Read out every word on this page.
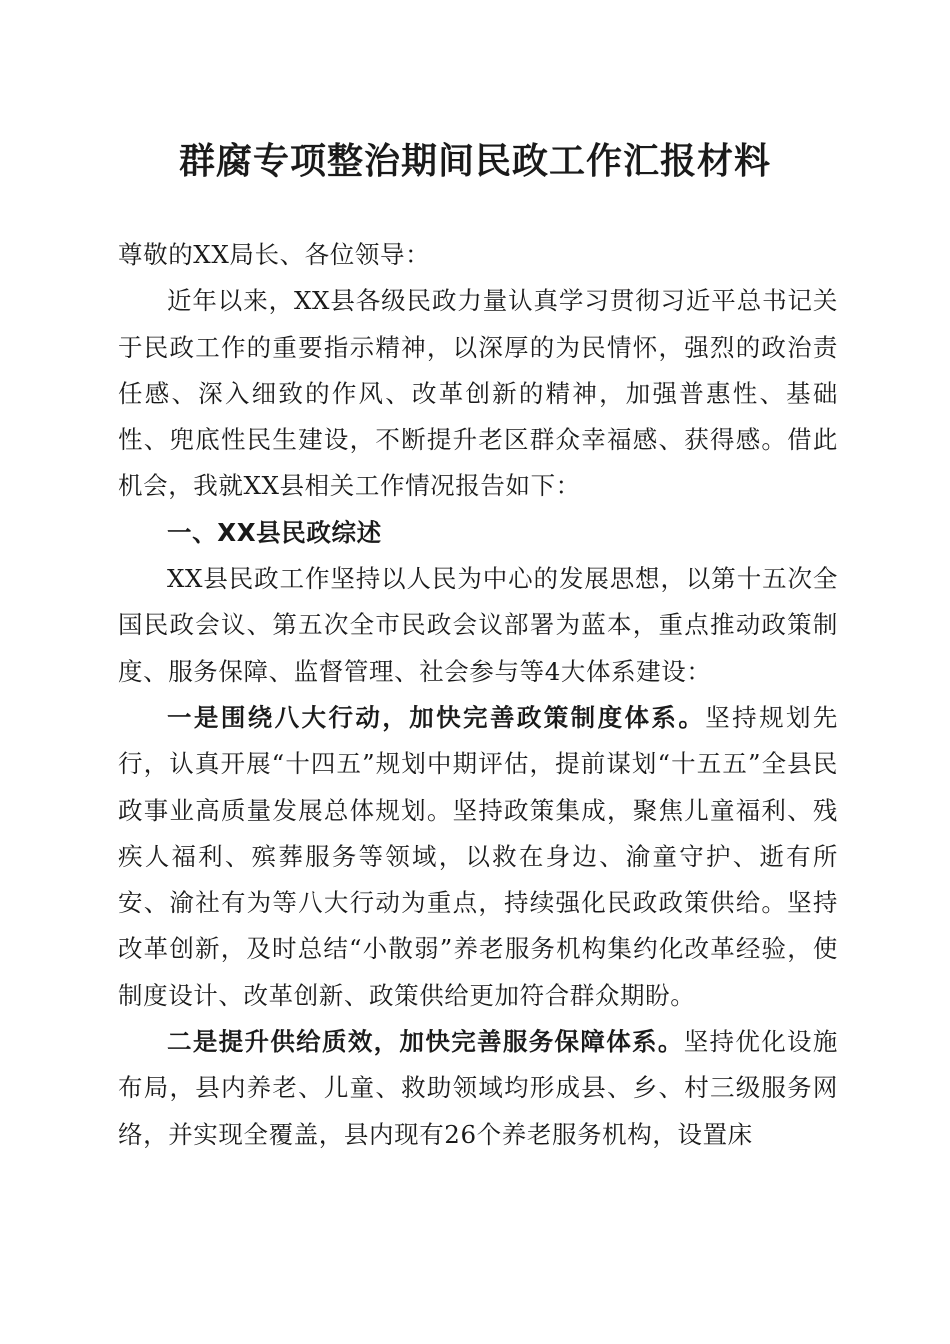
群腐专项整治期间民政工作汇报材料

尊敬的XX局长、各位领导：

近年以来，XX县各级民政力量认真学习贯彻习近平总书记关于民政工作的重要指示精神，以深厚的为民情怀，强烈的政治责任感、深入细致的作风、改革创新的精神，加强普惠性、基础性、兜底性民生建设，不断提升老区群众幸福感、获得感。借此机会，我就XX县相关工作情况报告如下：

一、XX县民政综述

XX县民政工作坚持以人民为中心的发展思想，以第十五次全国民政会议、第五次全市民政会议部署为蓝本，重点推动政策制度、服务保障、监督管理、社会参与等4大体系建设：

一是围绕八大行动，加快完善政策制度体系。坚持规划先行，认真开展“十四五”规划中期评估，提前谋划“十五五”全县民政事业高质量发展总体规划。坚持政策集成，聚焦儿童福利、残疾人福利、殡葬服务等领域，以救在身边、渝童守护、逝有所安、渝社有为等八大行动为重点，持续强化民政政策供给。坚持改革创新，及时总结“小散弱”养老服务机构集约化改革经验，使制度设计、改革创新、政策供给更加符合群众期盼。

二是提升供给质效，加快完善服务保障体系。坚持优化设施布局，县内养老、儿童、救助领域均形成县、乡、村三级服务网络，并实现全覆盖，县内现有26个养老服务机构，设置床
